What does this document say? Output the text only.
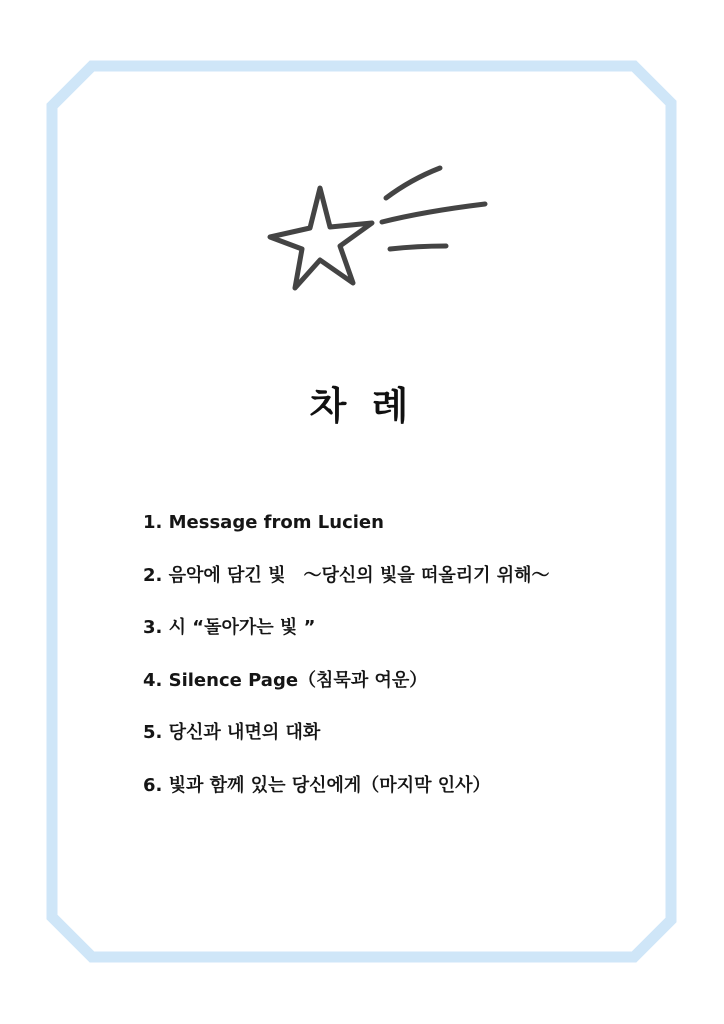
차 례
1. Message from Lucien
2. 음악에 담긴 빛　～당신의 빛을 떠올리기 위해～
3. 시 “돌아가는 빛 ”
4. Silence Page（침묵과 여운）
5. 당신과 내면의 대화
6. 빛과 함께 있는 당신에게（마지막 인사）
